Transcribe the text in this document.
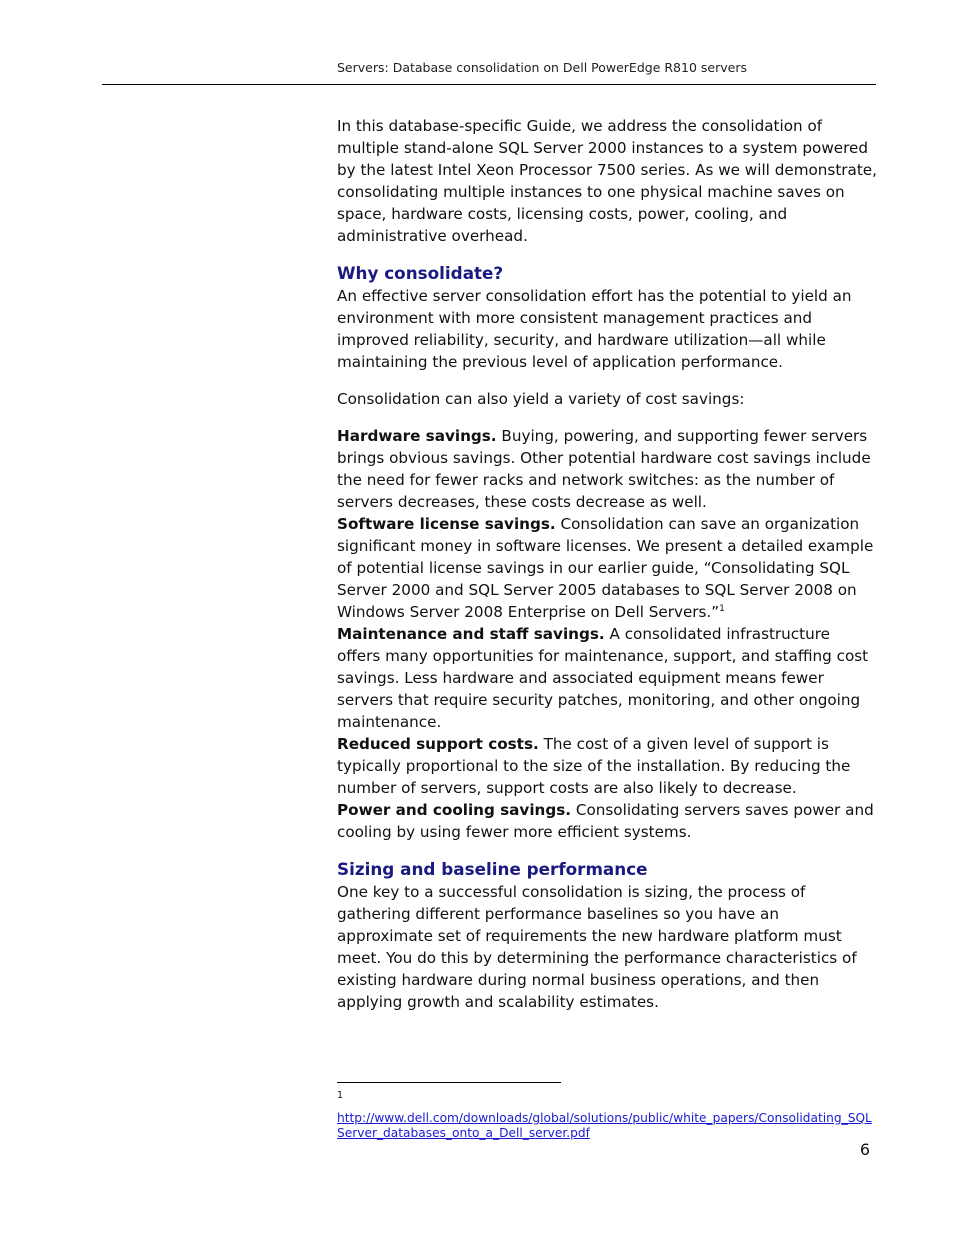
Servers: Database consolidation on Dell PowerEdge R810 servers

In this database-specific Guide, we address the consolidation of multiple stand-alone SQL Server 2000 instances to a system powered by the latest Intel Xeon Processor 7500 series. As we will demonstrate, consolidating multiple instances to one physical machine saves on space, hardware costs, licensing costs, power, cooling, and administrative overhead.

Why consolidate?

An effective server consolidation effort has the potential to yield an environment with more consistent management practices and improved reliability, security, and hardware utilization—all while maintaining the previous level of application performance.

Consolidation can also yield a variety of cost savings:

Hardware savings. Buying, powering, and supporting fewer servers brings obvious savings. Other potential hardware cost savings include the need for fewer racks and network switches: as the number of servers decreases, these costs decrease as well.

Software license savings. Consolidation can save an organization significant money in software licenses. We present a detailed example of potential license savings in our earlier guide, “Consolidating SQL Server 2000 and SQL Server 2005 databases to SQL Server 2008 on Windows Server 2008 Enterprise on Dell Servers.”$^1$

Maintenance and staff savings. A consolidated infrastructure offers many opportunities for maintenance, support, and staffing cost savings. Less hardware and associated equipment means fewer servers that require security patches, monitoring, and other ongoing maintenance.

Reduced support costs. The cost of a given level of support is typically proportional to the size of the installation. By reducing the number of servers, support costs are also likely to decrease.

Power and cooling savings. Consolidating servers saves power and cooling by using fewer more efficient systems.

Sizing and baseline performance

One key to a successful consolidation is sizing, the process of gathering different performance baselines so you have an approximate set of requirements the new hardware platform must meet. You do this by determining the performance characteristics of existing hardware during normal business operations, and then applying growth and scalability estimates.

1
http://www.dell.com/downloads/global/solutions/public/white_papers/Consolidating_SQLServer_databases_onto_a_Dell_server.pdf
6
